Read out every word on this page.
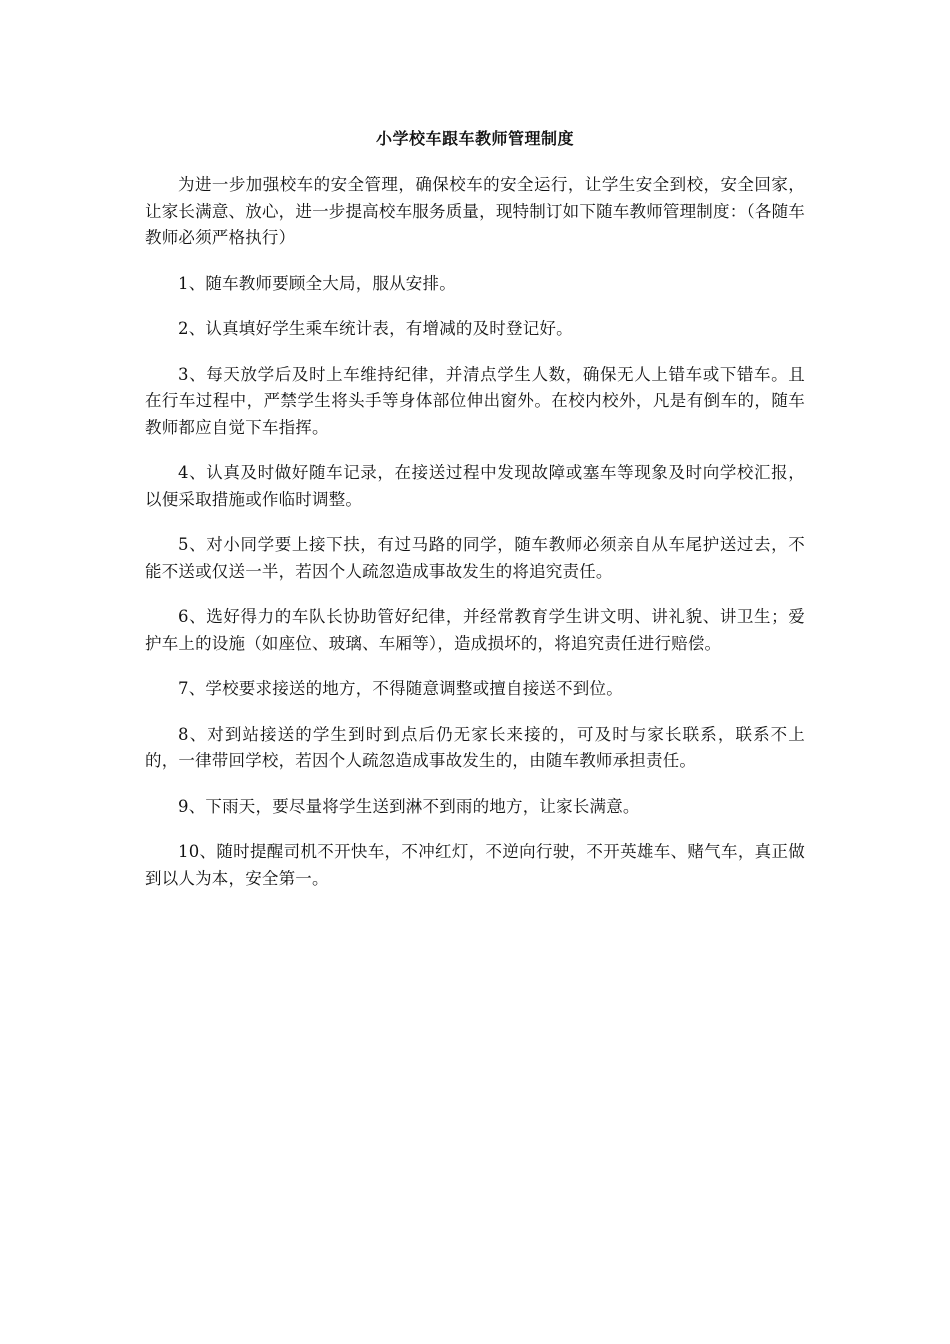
小学校车跟车教师管理制度

为进一步加强校车的安全管理，确保校车的安全运行，让学生安全到校，安全回家，让家长满意、放心，进一步提高校车服务质量，现特制订如下随车教师管理制度：（各随车教师必须严格执行）

1、随车教师要顾全大局，服从安排。

2、认真填好学生乘车统计表，有增减的及时登记好。

3、每天放学后及时上车维持纪律，并清点学生人数，确保无人上错车或下错车。且在行车过程中，严禁学生将头手等身体部位伸出窗外。在校内校外，凡是有倒车的，随车教师都应自觉下车指挥。

4、认真及时做好随车记录，在接送过程中发现故障或塞车等现象及时向学校汇报，以便采取措施或作临时调整。

5、对小同学要上接下扶，有过马路的同学，随车教师必须亲自从车尾护送过去，不能不送或仅送一半，若因个人疏忽造成事故发生的将追究责任。

6、选好得力的车队长协助管好纪律，并经常教育学生讲文明、讲礼貌、讲卫生；爱护车上的设施（如座位、玻璃、车厢等），造成损坏的，将追究责任进行赔偿。

7、学校要求接送的地方，不得随意调整或擅自接送不到位。

8、对到站接送的学生到时到点后仍无家长来接的，可及时与家长联系，联系不上的，一律带回学校，若因个人疏忽造成事故发生的，由随车教师承担责任。

9、下雨天，要尽量将学生送到淋不到雨的地方，让家长满意。

10、随时提醒司机不开快车，不冲红灯，不逆向行驶，不开英雄车、赌气车，真正做到以人为本，安全第一。
